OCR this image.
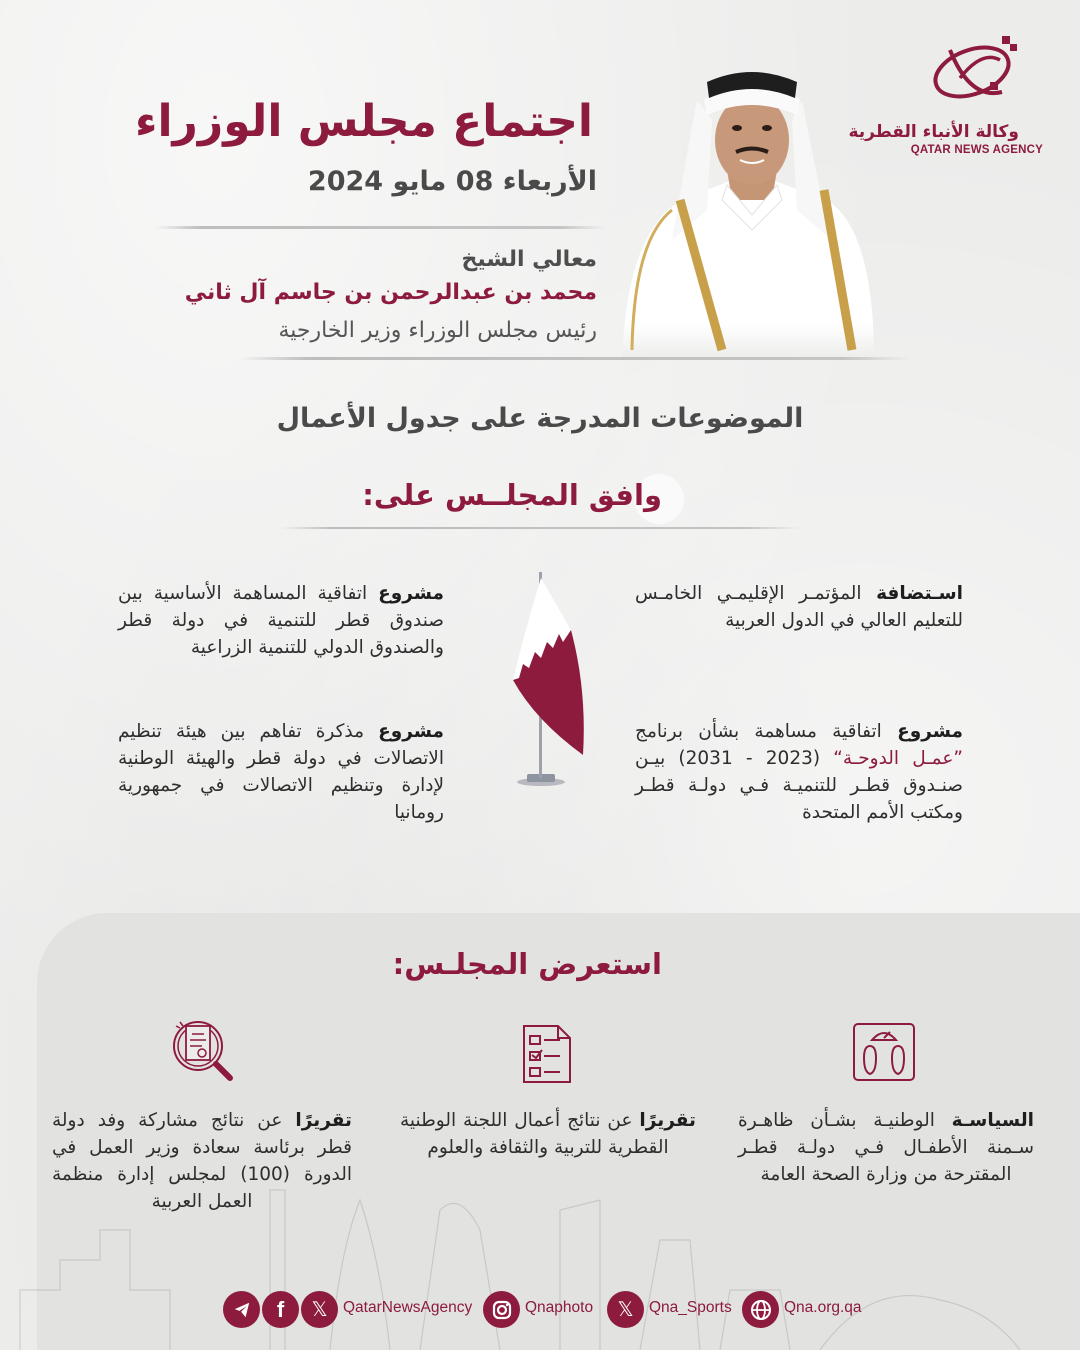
وكالة الأنباء القطرية
QATAR NEWS AGENCY
اجتماع مجلس الوزراء
الأربعاء 08 مايو 2024
معالي الشيخ
محمد بن عبدالرحمن بن جاسم آل ثاني
رئيس مجلس الوزراء وزير الخارجية
الموضوعات المدرجة على جدول الأعمال
وافق المجلــس على:
اسـتضافة المؤتمـر الإقليمـي الخامـس للتعليم العالي في الدول العربية
مشروع اتفاقية المساهمة الأساسية بين صندوق قطر للتنمية في دولة قطر والصندوق الدولي للتنمية الزراعية
مشروع اتفاقية مساهمة بشأن برنامج ”عمـل الدوحـة“ (2023 - 2031) بيـن صنـدوق قطـر للتنميـة فـي دولـة قطـر ومكتب الأمم المتحدة
مشروع مذكرة تفاهم بين هيئة تنظيم الاتصالات في دولة قطر والهيئة الوطنية لإدارة وتنظيم الاتصالات في جمهورية رومانيا
استعرض المجلـس:
السياسـة الوطنيـة بشـأن ظاهـرة سـمنة الأطفـال فـي دولـة قطـر المقترحة من وزارة الصحة العامة
تقريرًا عن نتائج أعمال اللجنة الوطنية القطرية للتربية والثقافة والعلوم
تقريرًا عن نتائج مشاركة وفد دولة قطر برئاسة سعادة وزير العمل في الدورة (100) لمجلس إدارة منظمة العمل العربية
f 𝕏 QatarNewsAgency	Qnaphoto 𝕏 Qna_Sports	Qna.org.qa
